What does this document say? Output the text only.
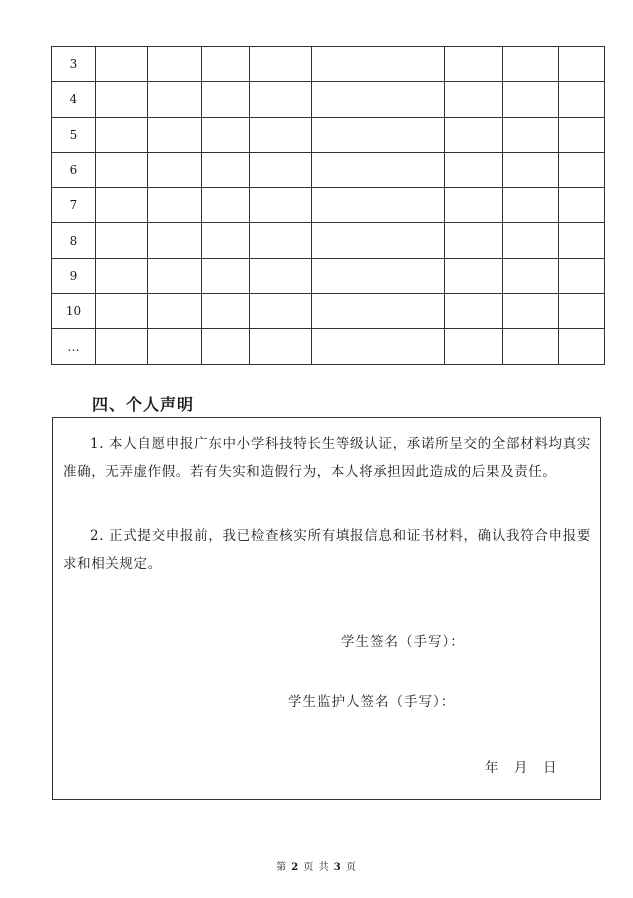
3								
4								
5								
6								
7								
8								
9								
10								
…								
四、个人声明

1. 本人自愿申报广东中小学科技特长生等级认证，承诺所呈交的全部材料均真实准确，无弄虚作假。若有失实和造假行为，本人将承担因此造成的后果及责任。

2. 正式提交申报前，我已检查核实所有填报信息和证书材料，确认我符合申报要求和相关规定。

学生签名（手写）：

学生监护人签名（手写）：

年　月　日

第 2 页 共 3 页
